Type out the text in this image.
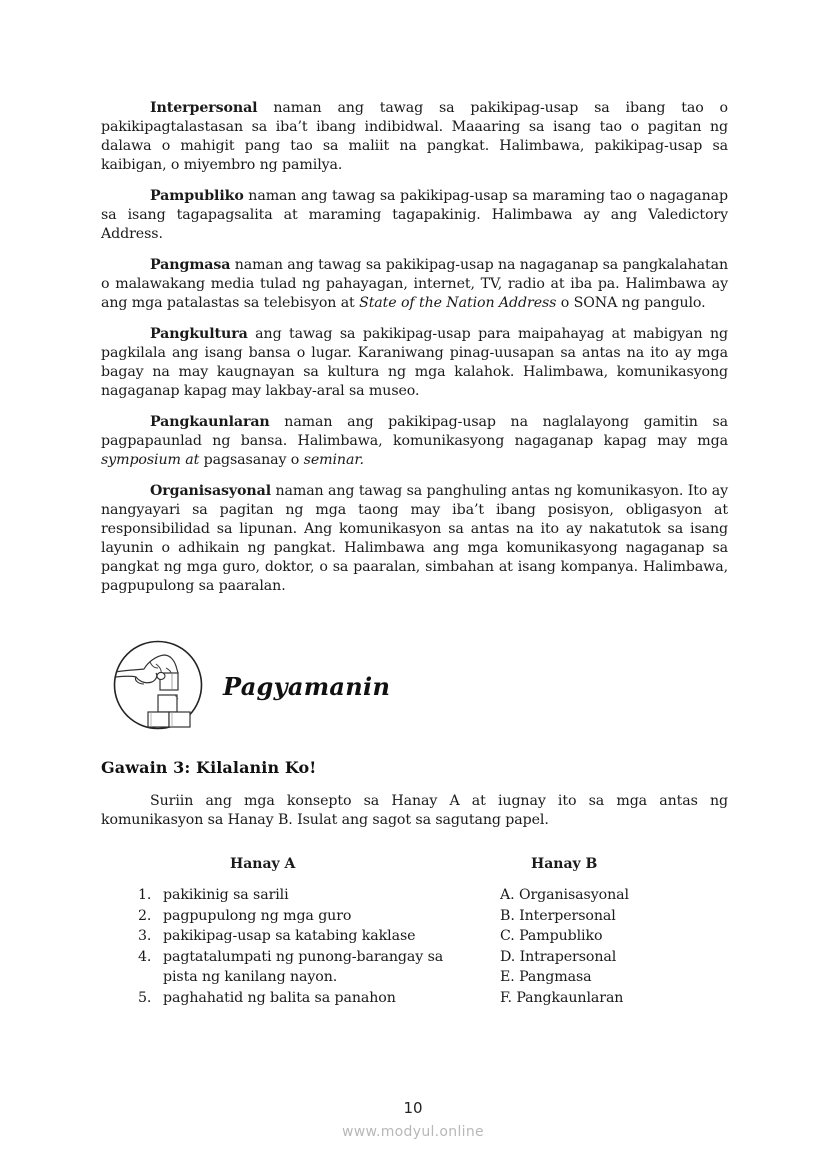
Interpersonal naman ang tawag sa pakikipag-usap sa ibang tao o pakikipagtalastasan sa iba’t ibang indibidwal. Maaaring sa isang tao o pagitan ng dalawa o mahigit pang tao sa maliit na pangkat. Halimbawa, pakikipag-usap sa kaibigan, o miyembro ng pamilya.

Pampubliko naman ang tawag sa pakikipag-usap sa maraming tao o nagaganap sa isang tagapagsalita at maraming tagapakinig. Halimbawa ay ang Valedictory Address.

Pangmasa naman ang tawag sa pakikipag-usap na nagaganap sa pangkalahatan o malawakang media tulad ng pahayagan, internet, TV, radio at iba pa. Halimbawa ay ang mga patalastas sa telebisyon at State of the Nation Address o SONA ng pangulo.

Pangkultura ang tawag sa pakikipag-usap para maipahayag at mabigyan ng pagkilala ang isang bansa o lugar. Karaniwang pinag-uusapan sa antas na ito ay mga bagay na may kaugnayan sa kultura ng mga kalahok. Halimbawa, komunikasyong nagaganap kapag may lakbay-aral sa museo.

Pangkaunlaran naman ang pakikipag-usap na naglalayong gamitin sa pagpapaunlad ng bansa. Halimbawa, komunikasyong nagaganap kapag may mga symposium at pagsasanay o seminar.

Organisasyonal naman ang tawag sa panghuling antas ng komunikasyon. Ito ay nangyayari sa pagitan ng mga taong may iba’t ibang posisyon, obligasyon at responsibilidad sa lipunan. Ang komunikasyon sa antas na ito ay nakatutok sa isang layunin o adhikain ng pangkat. Halimbawa ang mga komunikasyong nagaganap sa pangkat ng mga guro, doktor, o sa paaralan, simbahan at isang kompanya. Halimbawa, pagpupulong sa paaralan.

Pagyamanin
Gawain 3: Kilalanin Ko!
Suriin ang mga konsepto sa Hanay A at iugnay ito sa mga antas ng komunikasyon sa Hanay B. Isulat ang sagot sa sagutang papel.
Hanay A	Hanay B
1. pakikinig sa sarili
2. pagpupulong ng mga guro
3. pakikipag-usap sa katabing kaklase
4. pagtatalumpati ng punong-barangay sa pista ng kanilang nayon.
5. paghahatid ng balita sa panahon
A. Organisasyonal
B. Interpersonal
C. Pampubliko
D. Intrapersonal
E. Pangmasa
F. Pangkaunlaran
10
www.modyul.online
